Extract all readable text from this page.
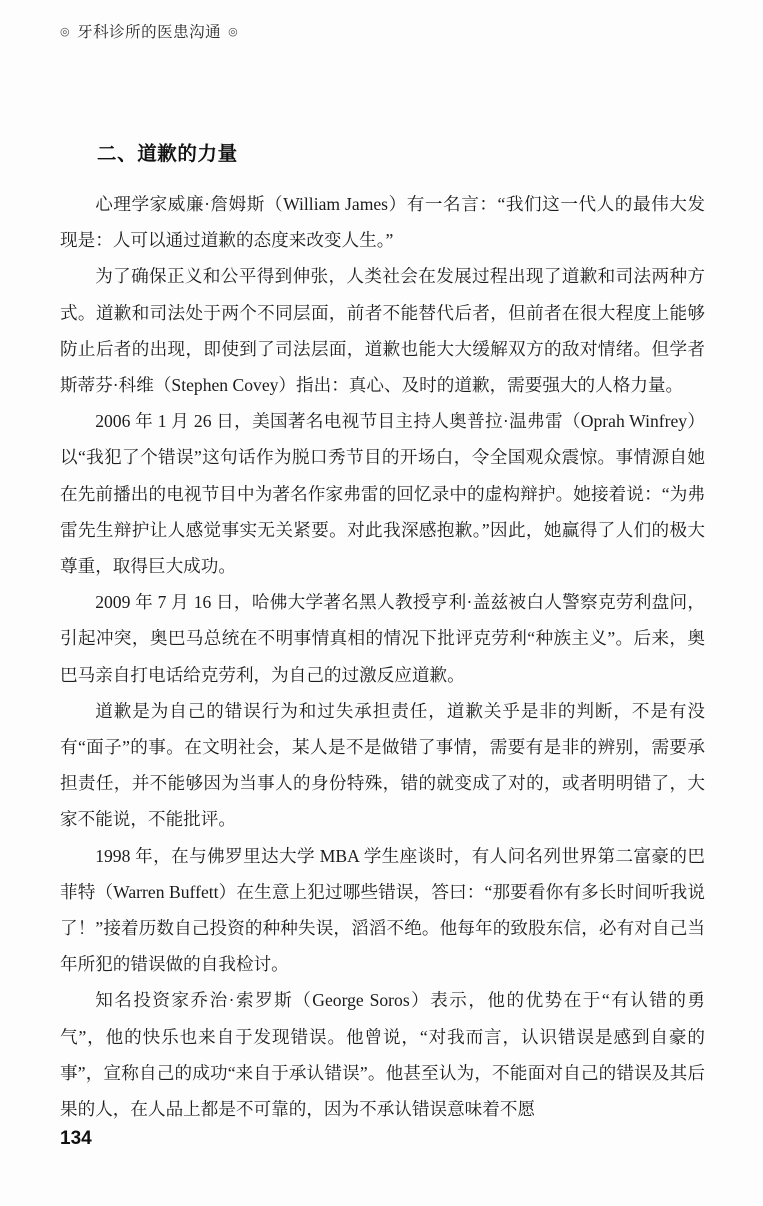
◎ 牙科诊所的医患沟通 ◎
二、道歉的力量

心理学家威廉·詹姆斯（William James）有一名言：“我们这一代人的最伟大发现是：人可以通过道歉的态度来改变人生。”

为了确保正义和公平得到伸张，人类社会在发展过程出现了道歉和司法两种方式。道歉和司法处于两个不同层面，前者不能替代后者，但前者在很大程度上能够防止后者的出现，即使到了司法层面，道歉也能大大缓解双方的敌对情绪。但学者斯蒂芬·科维（Stephen Covey）指出：真心、及时的道歉，需要强大的人格力量。

2006 年 1 月 26 日，美国著名电视节目主持人奥普拉·温弗雷（Oprah Winfrey）以“我犯了个错误”这句话作为脱口秀节目的开场白，令全国观众震惊。事情源自她在先前播出的电视节目中为著名作家弗雷的回忆录中的虚构辩护。她接着说：“为弗雷先生辩护让人感觉事实无关紧要。对此我深感抱歉。”因此，她赢得了人们的极大尊重，取得巨大成功。

2009 年 7 月 16 日，哈佛大学著名黑人教授亨利·盖兹被白人警察克劳利盘问，引起冲突，奥巴马总统在不明事情真相的情况下批评克劳利“种族主义”。后来，奥巴马亲自打电话给克劳利，为自己的过激反应道歉。

道歉是为自己的错误行为和过失承担责任，道歉关乎是非的判断，不是有没有“面子”的事。在文明社会，某人是不是做错了事情，需要有是非的辨别，需要承担责任，并不能够因为当事人的身份特殊，错的就变成了对的，或者明明错了，大家不能说，不能批评。

1998 年，在与佛罗里达大学 MBA 学生座谈时，有人问名列世界第二富豪的巴菲特（Warren Buffett）在生意上犯过哪些错误，答曰：“那要看你有多长时间听我说了！”接着历数自己投资的种种失误，滔滔不绝。他每年的致股东信，必有对自己当年所犯的错误做的自我检讨。

知名投资家乔治·索罗斯（George Soros）表示，他的优势在于“有认错的勇气”，他的快乐也来自于发现错误。他曾说，“对我而言，认识错误是感到自豪的事”，宣称自己的成功“来自于承认错误”。他甚至认为，不能面对自己的错误及其后果的人，在人品上都是不可靠的，因为不承认错误意味着不愿

134
